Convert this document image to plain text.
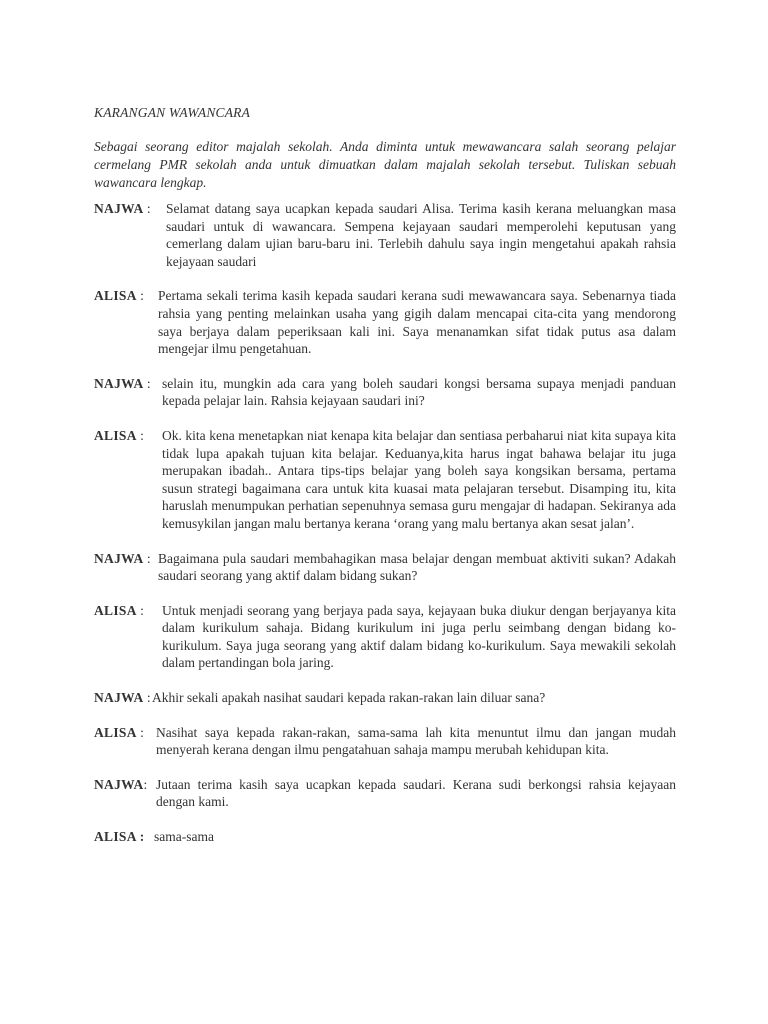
KARANGAN WAWANCARA
Sebagai seorang editor majalah sekolah. Anda diminta untuk mewawancara salah seorang pelajar cermelang PMR sekolah anda untuk dimuatkan dalam majalah sekolah tersebut. Tuliskan sebuah wawancara lengkap.
NAJWA : Selamat datang saya ucapkan kepada saudari Alisa. Terima kasih kerana meluangkan masa saudari untuk di wawancara. Sempena kejayaan saudari memperolehi keputusan yang cemerlang dalam ujian baru-baru ini. Terlebih dahulu saya ingin mengetahui apakah rahsia kejayaan saudari
ALISA : Pertama sekali terima kasih kepada saudari kerana sudi mewawancara saya. Sebenarnya tiada rahsia yang penting melainkan usaha yang gigih dalam mencapai cita-cita yang mendorong saya berjaya dalam peperiksaan kali ini. Saya menanamkan sifat tidak putus asa dalam mengejar ilmu pengetahuan.
NAJWA : selain itu, mungkin ada cara yang boleh saudari kongsi bersama supaya menjadi panduan kepada pelajar lain. Rahsia kejayaan saudari ini?
ALISA :	Ok. kita kena menetapkan niat kenapa kita belajar dan sentiasa perbaharui niat kita supaya kita tidak lupa apakah tujuan kita belajar. Keduanya,kita harus ingat bahawa belajar itu juga merupakan ibadah.. Antara tips-tips belajar yang boleh saya kongsikan bersama, pertama susun strategi bagaimana cara untuk kita kuasai mata pelajaran tersebut. Disamping itu, kita haruslah menumpukan perhatian sepenuhnya semasa guru mengajar di hadapan. Sekiranya ada kemusykilan jangan malu bertanya kerana ‘orang yang malu bertanya akan sesat jalan’.
NAJWA : Bagaimana pula saudari membahagikan masa belajar dengan membuat aktiviti sukan? Adakah saudari seorang yang aktif dalam bidang sukan?
ALISA :	Untuk menjadi seorang yang berjaya pada saya, kejayaan buka diukur dengan berjayanya kita dalam kurikulum sahaja. Bidang kurikulum ini juga perlu seimbang dengan bidang ko-kurikulum. Saya juga seorang yang aktif dalam bidang ko-kurikulum. Saya mewakili sekolah dalam pertandingan bola jaring.
NAJWA :
Akhir sekali apakah nasihat saudari kepada rakan-rakan lain diluar sana?
ALISA : Nasihat saya kepada rakan-rakan, sama-sama lah kita menuntut ilmu dan jangan mudah menyerah kerana dengan ilmu pengatahuan sahaja mampu merubah kehidupan kita.
NAJWA: Jutaan terima kasih saya ucapkan kepada saudari. Kerana sudi berkongsi rahsia kejayaan dengan kami.
ALISA : sama-sama
